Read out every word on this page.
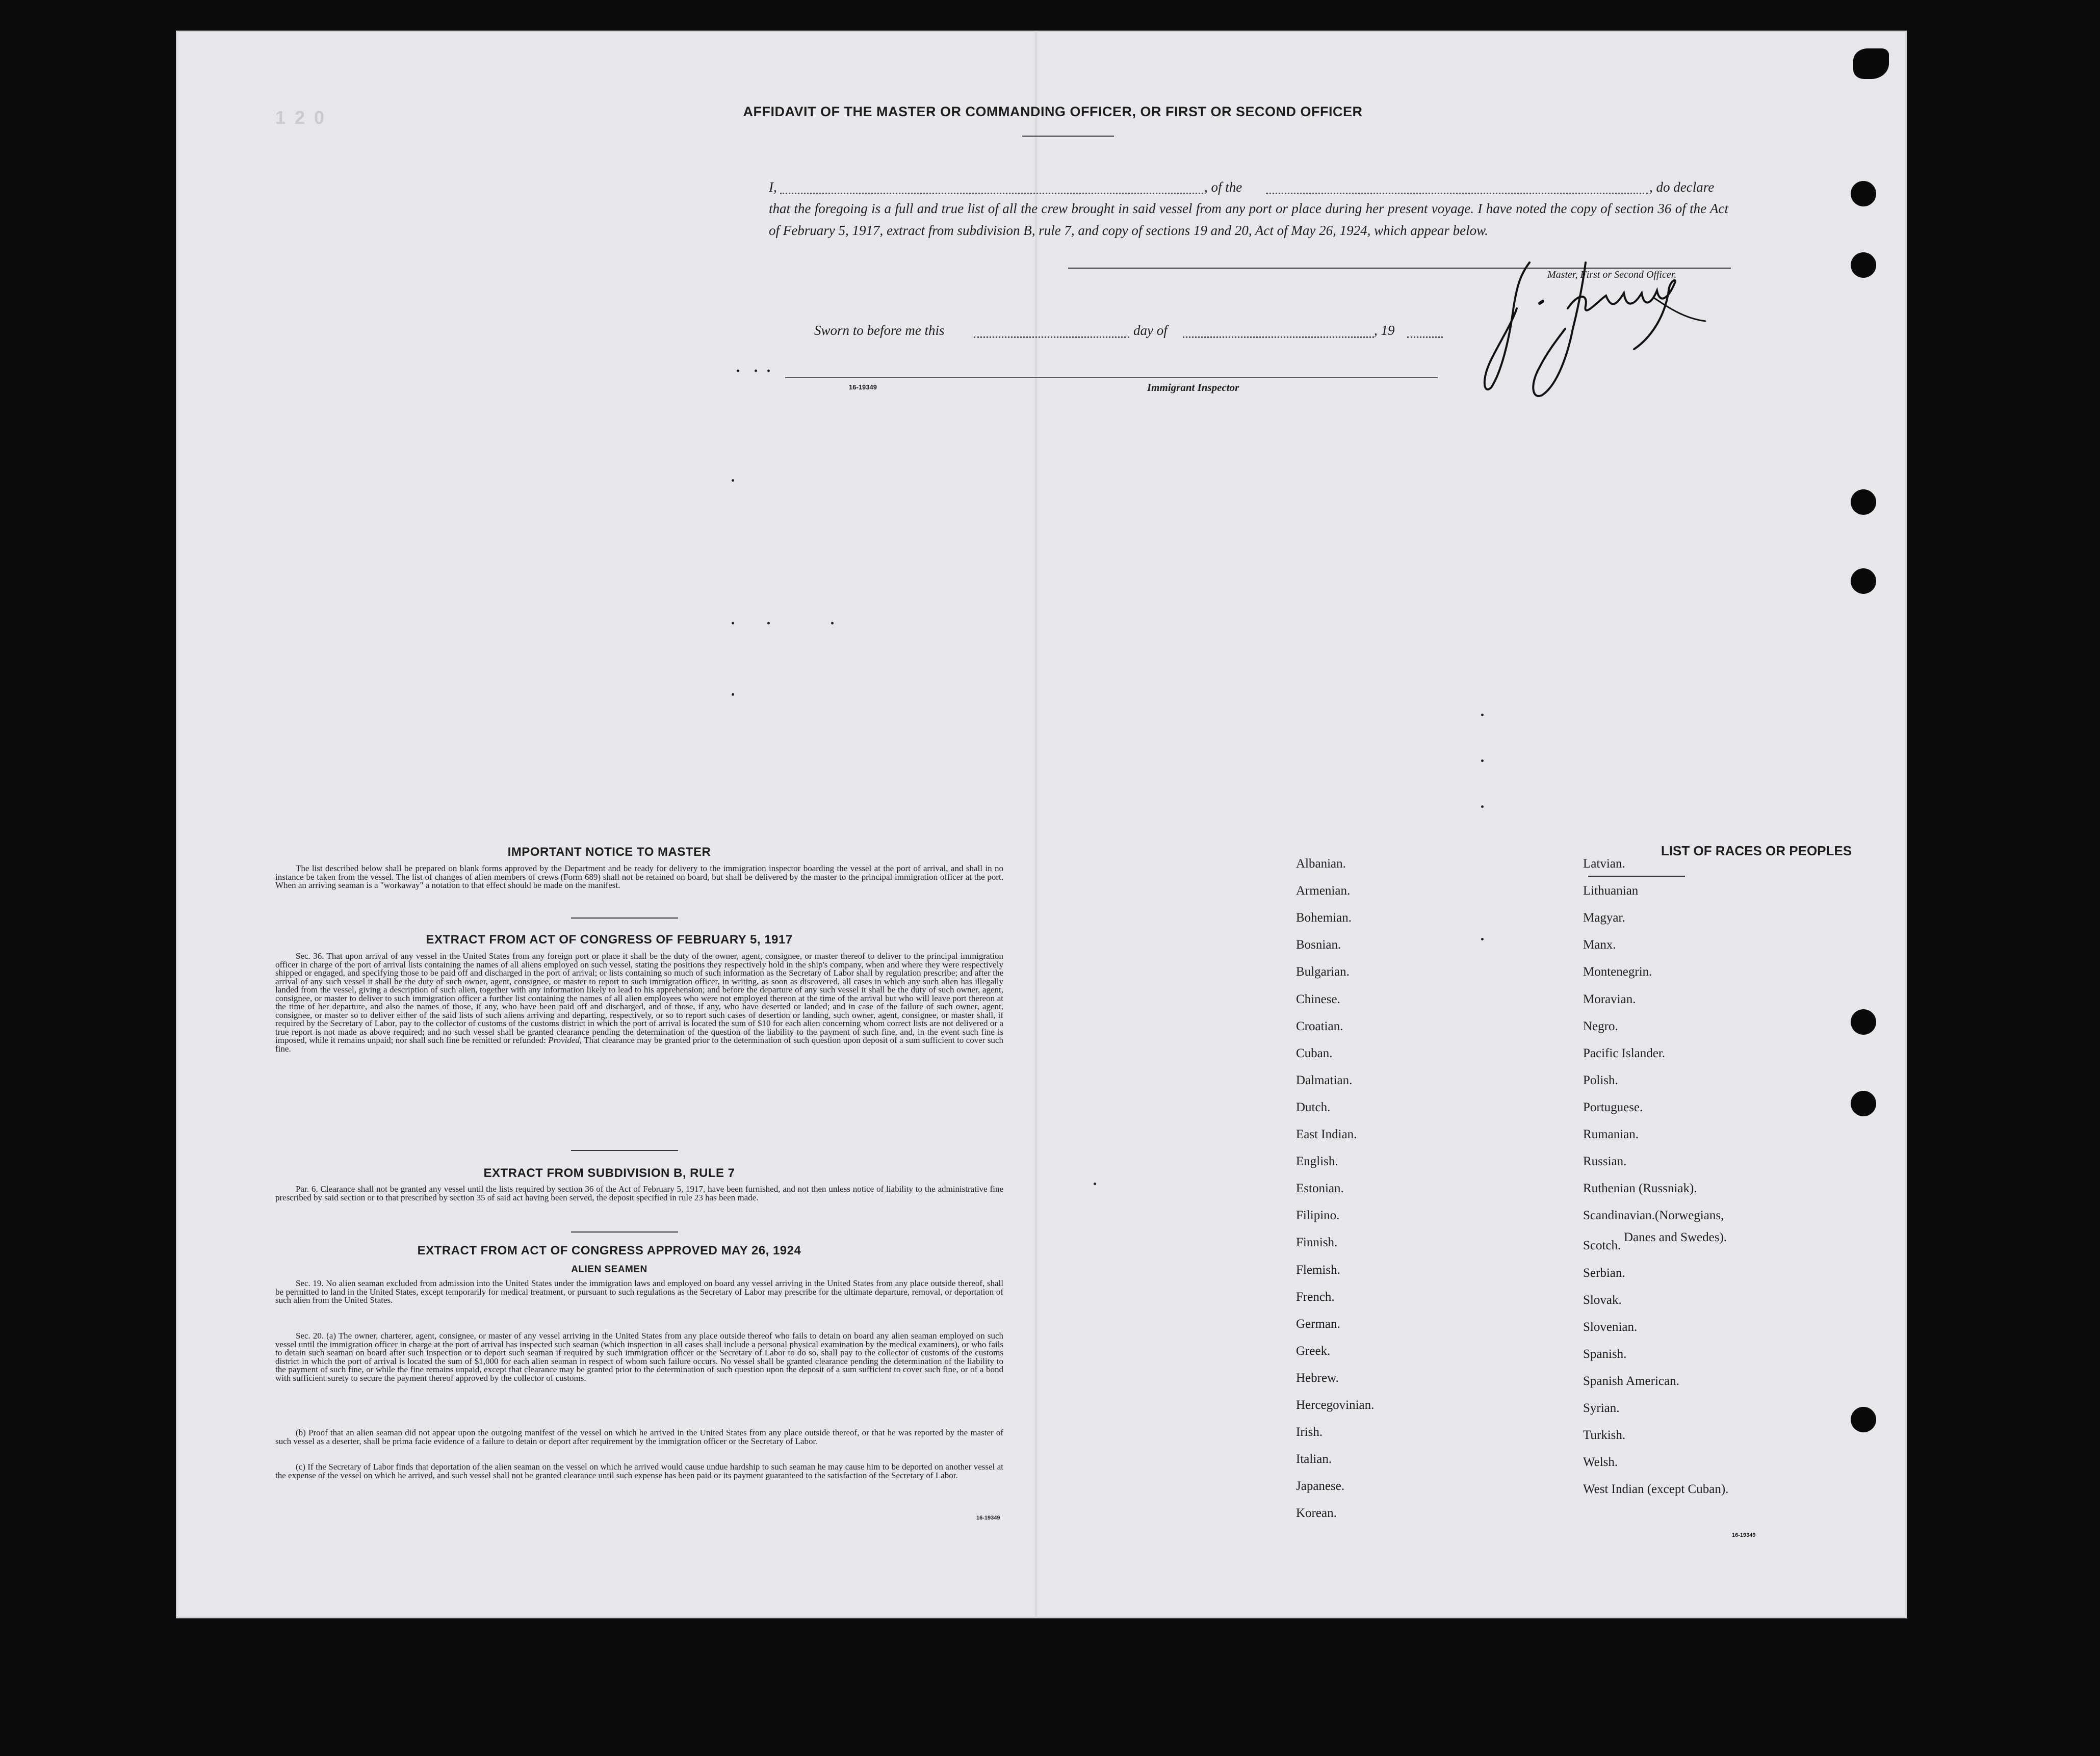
AFFIDAVIT OF THE MASTER OR COMMANDING OFFICER, OR FIRST OR SECOND OFFICER
I,	, of the	, do declare
that the foregoing is a full and true list of all the crew brought in said vessel from any port or place during her present voyage. I have noted the copy of section 36 of the Act of February 5, 1917, extract from subdivision B, rule 7, and copy of sections 19 and 20, Act of May 26, 1924, which appear below.
Master, First or Second Officer.
Sworn to before me this	day of	, 19
16-19349	Immigrant Inspector
IMPORTANT NOTICE TO MASTER

The list described below shall be prepared on blank forms approved by the Department and be ready for delivery to the immigration inspector boarding the vessel at the port of arrival, and shall in no instance be taken from the vessel. The list of changes of alien members of crews (Form 689) shall not be retained on board, but shall be delivered by the master to the principal immigration officer at the port. When an arriving seaman is a "workaway" a notation to that effect should be made on the manifest.

EXTRACT FROM ACT OF CONGRESS OF FEBRUARY 5, 1917

Sec. 36. That upon arrival of any vessel in the United States from any foreign port or place it shall be the duty of the owner, agent, consignee, or master thereof to deliver to the principal immigration officer in charge of the port of arrival lists containing the names of all aliens employed on such vessel, stating the positions they respectively hold in the ship's company, when and where they were respectively shipped or engaged, and specifying those to be paid off and discharged in the port of arrival; or lists containing so much of such information as the Secretary of Labor shall by regulation prescribe; and after the arrival of any such vessel it shall be the duty of such owner, agent, consignee, or master to report to such immigration officer, in writing, as soon as discovered, all cases in which any such alien has illegally landed from the vessel, giving a description of such alien, together with any information likely to lead to his apprehension; and before the departure of any such vessel it shall be the duty of such owner, agent, consignee, or master to deliver to such immigration officer a further list containing the names of all alien employees who were not employed thereon at the time of the arrival but who will leave port thereon at the time of her departure, and also the names of those, if any, who have been paid off and discharged, and of those, if any, who have deserted or landed; and in case of the failure of such owner, agent, consignee, or master so to deliver either of the said lists of such aliens arriving and departing, respectively, or so to report such cases of desertion or landing, such owner, agent, consignee, or master shall, if required by the Secretary of Labor, pay to the collector of customs of the customs district in which the port of arrival is located the sum of $10 for each alien concerning whom correct lists are not delivered or a true report is not made as above required; and no such vessel shall be granted clearance pending the determination of the question of the liability to the payment of such fine, and, in the event such fine is imposed, while it remains unpaid; nor shall such fine be remitted or refunded: Provided, That clearance may be granted prior to the determination of such question upon deposit of a sum sufficient to cover such fine.

EXTRACT FROM SUBDIVISION B, RULE 7

Par. 6. Clearance shall not be granted any vessel until the lists required by section 36 of the Act of February 5, 1917, have been furnished, and not then unless notice of liability to the administrative fine prescribed by said section or to that prescribed by section 35 of said act having been served, the deposit specified in rule 23 has been made.

EXTRACT FROM ACT OF CONGRESS APPROVED MAY 26, 1924
ALIEN SEAMEN

Sec. 19. No alien seaman excluded from admission into the United States under the immigration laws and employed on board any vessel arriving in the United States from any place outside thereof, shall be permitted to land in the United States, except temporarily for medical treatment, or pursuant to such regulations as the Secretary of Labor may prescribe for the ultimate departure, removal, or deportation of such alien from the United States.

Sec. 20. (a) The owner, charterer, agent, consignee, or master of any vessel arriving in the United States from any place outside thereof who fails to detain on board any alien seaman employed on such vessel until the immigration officer in charge at the port of arrival has inspected such seaman (which inspection in all cases shall include a personal physical examination by the medical examiners), or who fails to detain such seaman on board after such inspection or to deport such seaman if required by such immigration officer or the Secretary of Labor to do so, shall pay to the collector of customs of the customs district in which the port of arrival is located the sum of $1,000 for each alien seaman in respect of whom such failure occurs. No vessel shall be granted clearance pending the determination of the liability to the payment of such fine, or while the fine remains unpaid, except that clearance may be granted prior to the determination of such question upon the deposit of a sum sufficient to cover such fine, or of a bond with sufficient surety to secure the payment thereof approved by the collector of customs.

(b) Proof that an alien seaman did not appear upon the outgoing manifest of the vessel on which he arrived in the United States from any place outside thereof, or that he was reported by the master of such vessel as a deserter, shall be prima facie evidence of a failure to detain or deport after requirement by the immigration officer or the Secretary of Labor.

(c) If the Secretary of Labor finds that deportation of the alien seaman on the vessel on which he arrived would cause undue hardship to such seaman he may cause him to be deported on another vessel at the expense of the vessel on which he arrived, and such vessel shall not be granted clearance until such expense has been paid or its payment guaranteed to the satisfaction of the Secretary of Labor.

16-19349
LIST OF RACES OR PEOPLES
Danes and Swedes).
16-19349
Albanian.
Armenian.
Bohemian.
Bosnian.
Bulgarian.
Chinese.
Croatian.
Cuban.
Dalmatian.
Dutch.
East Indian.
English.
Estonian.
Filipino.
Finnish.
Flemish.
French.
German.
Greek.
Hebrew.
Hercegovinian.
Irish.
Italian.
Japanese.
Korean.
Latvian.
Lithuanian
Magyar.
Manx.
Montenegrin.
Moravian.
Negro.
Pacific Islander.
Polish.
Portuguese.
Rumanian.
Russian.
Ruthenian (Russniak).
Scandinavian.(Norwegians,
Scotch.
Serbian.
Slovak.
Slovenian.
Spanish.
Spanish American.
Syrian.
Turkish.
Welsh.
West Indian (except Cuban).
1 2 0
